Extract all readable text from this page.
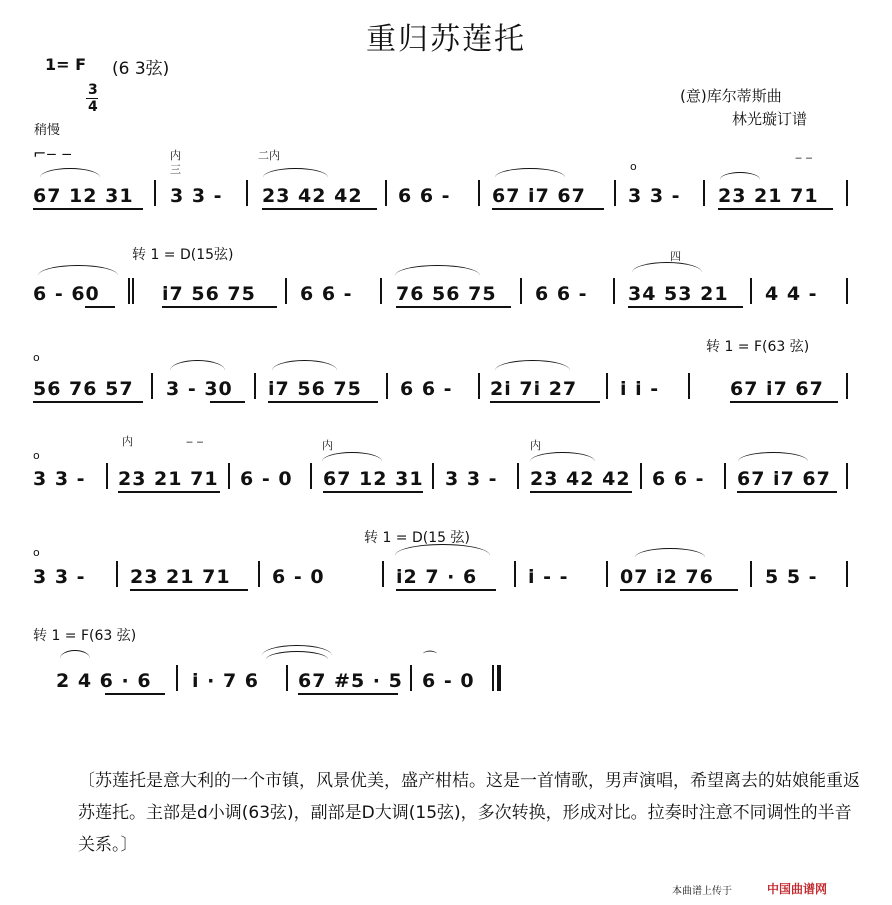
重归苏莲托
1= F (6 3弦)
3
4
稍慢
(意)库尔蒂斯曲
林光璇订谱
⌐‒ ‒	内
三
二内
o
‒ ‒
67 12 31 3 3 - 23 42 42 6 6 - 67 i7 67 3 3 - 23 21 71
转 1 = D(15弦)	四
6 - 60	i7 56 75 6 6 - 76 56 75 6 6 - 34 53 21 4 4 -
o
转 1 = F(63 弦)
56 76 57 3 - 30 i7 56 75 6 6 - 2i 7i 27 i i -	67 i7 67
o
内	‒ ‒	内	内
3 3 - 23 21 71 6 - 0 67 12 31 3 3 - 23 42 42 6 6 - 67 i7 67
o
转 1 = D(15 弦)
3 3 - 23 21 71 6 - 0	i2 7 · 6	i - -	07 i2 76	5 5 -
转 1 = F(63 弦)
⌒
2 4 6 · 6 i · 7 6 67 #5 · 5 6 - 0
〔苏莲托是意大利的一个市镇，风景优美，盛产柑桔。这是一首情歌，男声演唱，希望离去的姑娘能重返苏莲托。主部是d小调(63弦)，副部是D大调(15弦)，多次转换，形成对比。拉奏时注意不同调性的半音关系。〕
本曲谱上传于	中国曲谱网
